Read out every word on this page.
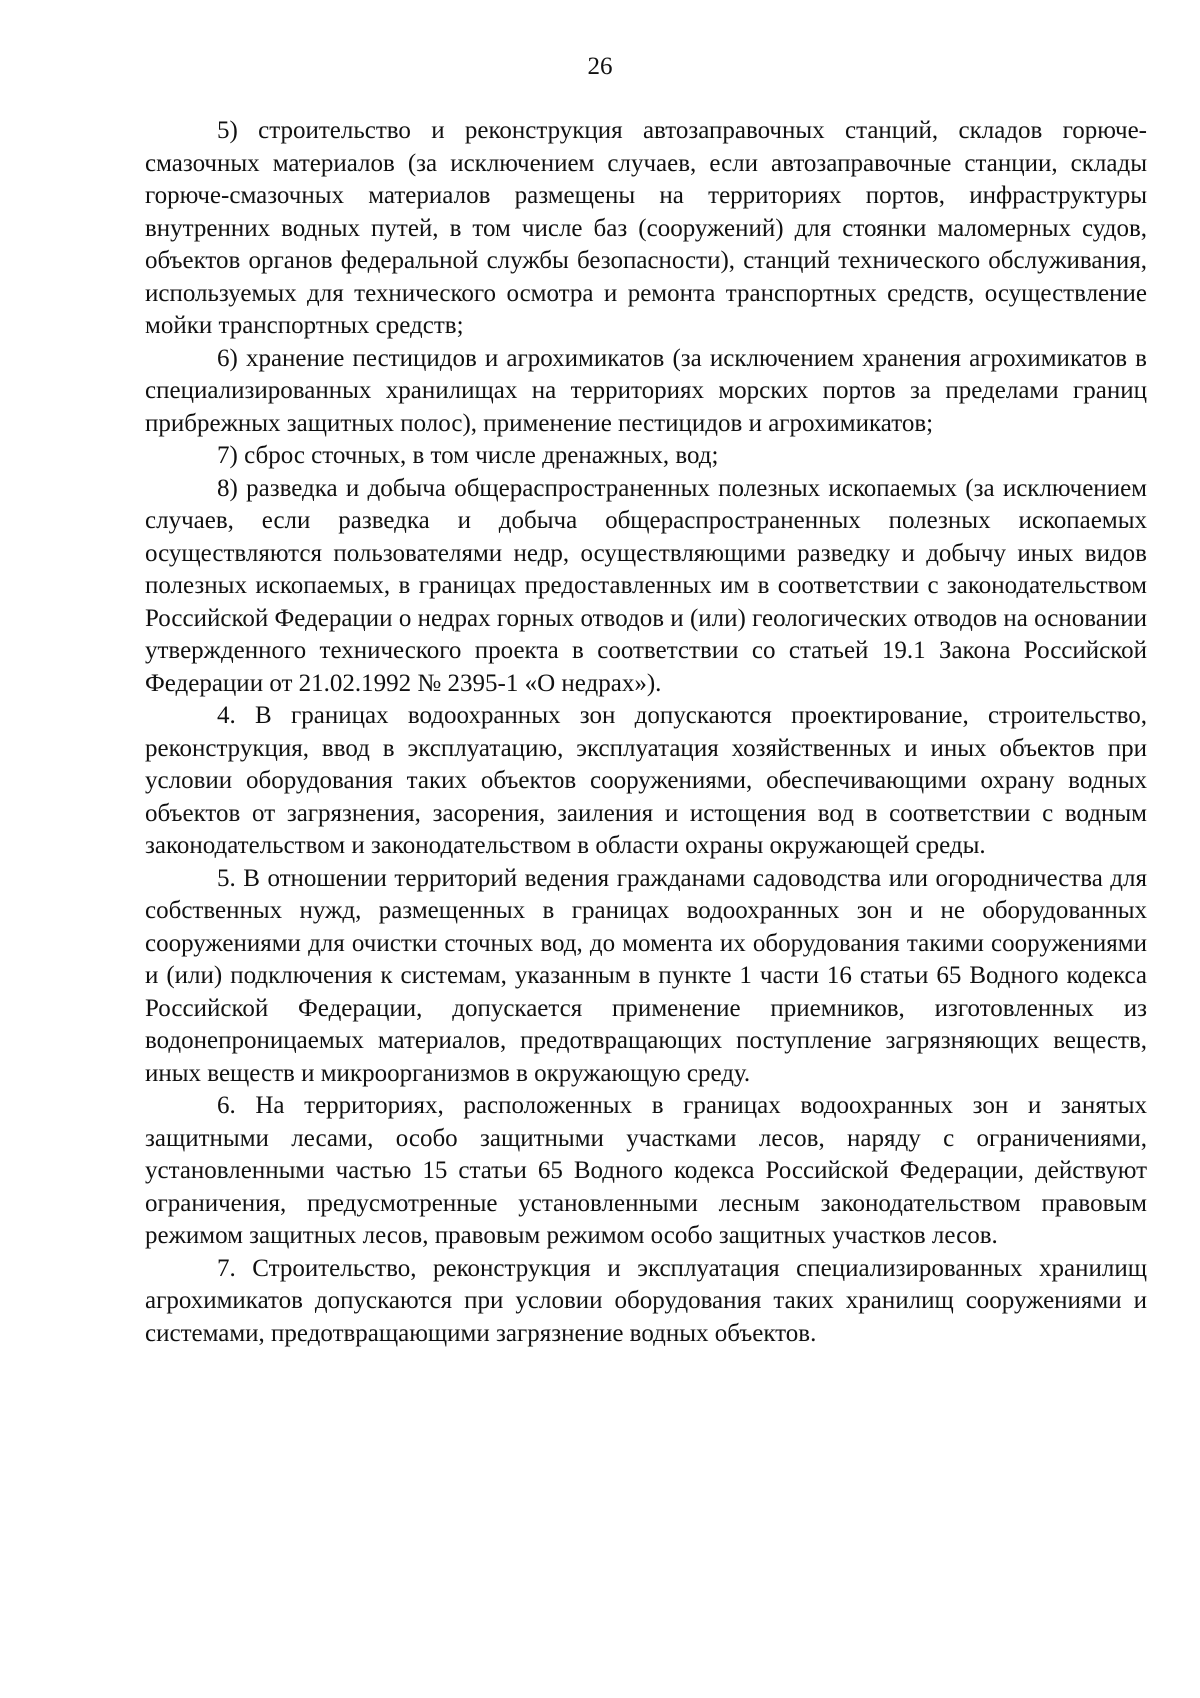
26

5) строительство и реконструкция автозаправочных станций, складов горюче-смазочных материалов (за исключением случаев, если автозаправочные станции, склады горюче-смазочных материалов размещены на территориях портов, инфраструктуры внутренних водных путей, в том числе баз (сооружений) для стоянки маломерных судов, объектов органов федеральной службы безопасности), станций технического обслуживания, используемых для технического осмотра и ремонта транспортных средств, осуществление мойки транспортных средств;

6) хранение пестицидов и агрохимикатов (за исключением хранения агрохимикатов в специализированных хранилищах на территориях морских портов за пределами границ прибрежных защитных полос), применение пестицидов и агрохимикатов;

7) сброс сточных, в том числе дренажных, вод;

8) разведка и добыча общераспространенных полезных ископаемых (за исключением случаев, если разведка и добыча общераспространенных полезных ископаемых осуществляются пользователями недр, осуществляющими разведку и добычу иных видов полезных ископаемых, в границах предоставленных им в соответствии с законодательством Российской Федерации о недрах горных отводов и (или) геологических отводов на основании утвержденного технического проекта в соответствии со статьей 19.1 Закона Российской Федерации от 21.02.1992 № 2395-1 «О недрах»).

4. В границах водоохранных зон допускаются проектирование, строительство, реконструкция, ввод в эксплуатацию, эксплуатация хозяйственных и иных объектов при условии оборудования таких объектов сооружениями, обеспечивающими охрану водных объектов от загрязнения, засорения, заиления и истощения вод в соответствии с водным законодательством и законодательством в области охраны окружающей среды.

5. В отношении территорий ведения гражданами садоводства или огородничества для собственных нужд, размещенных в границах водоохранных зон и не оборудованных сооружениями для очистки сточных вод, до момента их оборудования такими сооружениями и (или) подключения к системам, указанным в пункте 1 части 16 статьи 65 Водного кодекса Российской Федерации, допускается применение приемников, изготовленных из водонепроницаемых материалов, предотвращающих поступление загрязняющих веществ, иных веществ и микроорганизмов в окружающую среду.

6. На территориях, расположенных в границах водоохранных зон и занятых защитными лесами, особо защитными участками лесов, наряду с ограничениями, установленными частью 15 статьи 65 Водного кодекса Российской Федерации, действуют ограничения, предусмотренные установленными лесным законодательством правовым режимом защитных лесов, правовым режимом особо защитных участков лесов.

7. Строительство, реконструкция и эксплуатация специализированных хранилищ агрохимикатов допускаются при условии оборудования таких хранилищ сооружениями и системами, предотвращающими загрязнение водных объектов.
